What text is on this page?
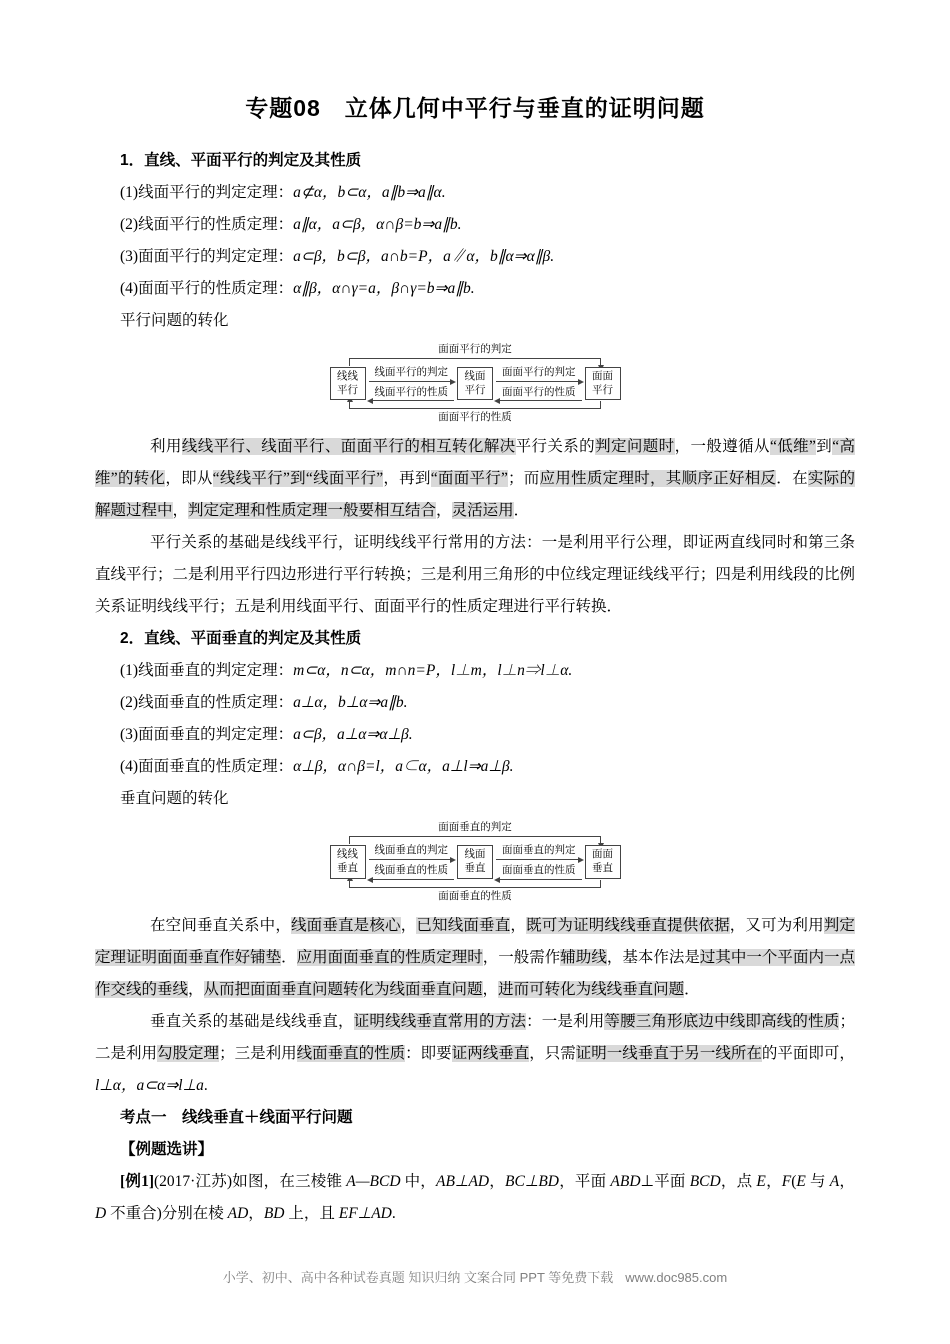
专题08　立体几何中平行与垂直的证明问题
1．直线、平面平行的判定及其性质

(1)线面平行的判定定理：a⊄α，b⊂α，a∥b⇒a∥α.

(2)线面平行的性质定理：a∥α，a⊂β，α∩β=b⇒a∥b.

(3)面面平行的判定定理：a⊂β，b⊂β，a∩b=P，a∥α，b∥α⇒α∥β.

(4)面面平行的性质定理：α∥β，α∩γ=a，β∩γ=b⇒a∥b.

平行问题的转化

面面平行的判定
线线平行
线面平行的判定
线面平行的性质
线面平行
面面平行的判定
面面平行的性质
面面平行
面面平行的性质

利用线线平行、线面平行、面面平行的相互转化解决平行关系的判定问题时，一般遵循从“低维”到“高维”的转化，即从“线线平行”到“线面平行”，再到“面面平行”；而应用性质定理时，其顺序正好相反．在实际的解题过程中，判定定理和性质定理一般要相互结合，灵活运用．

平行关系的基础是线线平行，证明线线平行常用的方法：一是利用平行公理，即证两直线同时和第三条直线平行；二是利用平行四边形进行平行转换；三是利用三角形的中位线定理证线线平行；四是利用线段的比例关系证明线线平行；五是利用线面平行、面面平行的性质定理进行平行转换．

2．直线、平面垂直的判定及其性质

(1)线面垂直的判定定理：m⊂α，n⊂α，m∩n=P，l⊥m，l⊥n⇒l⊥α.

(2)线面垂直的性质定理：a⊥α，b⊥α⇒a∥b.

(3)面面垂直的判定定理：a⊂β，a⊥α⇒α⊥β.

(4)面面垂直的性质定理：α⊥β，α∩β=l，a⊂α，a⊥l⇒a⊥β.

垂直问题的转化

面面垂直的判定
线线垂直
线面垂直的判定
线面垂直的性质
线面垂直
面面垂直的判定
面面垂直的性质
面面垂直
面面垂直的性质

在空间垂直关系中，线面垂直是核心，已知线面垂直，既可为证明线线垂直提供依据，又可为利用判定定理证明面面垂直作好铺垫．应用面面垂直的性质定理时，一般需作辅助线，基本作法是过其中一个平面内一点作交线的垂线，从而把面面垂直问题转化为线面垂直问题，进而可转化为线线垂直问题．

垂直关系的基础是线线垂直，证明线线垂直常用的方法：一是利用等腰三角形底边中线即高线的性质；二是利用勾股定理；三是利用线面垂直的性质：即要证两线垂直，只需证明一线垂直于另一线所在的平面即可，l⊥α，a⊂α⇒l⊥a.

考点一　线线垂直＋线面平行问题
【例题选讲】

[例1](2017·江苏)如图，在三棱锥 A—BCD 中，AB⊥AD，BC⊥BD，平面 ABD⊥平面 BCD，点 E，F(E 与 A，D 不重合)分别在棱 AD，BD 上，且 EF⊥AD.

小学、初中、高中各种试卷真题 知识归纳 文案合同 PPT 等免费下载 www.doc985.com
